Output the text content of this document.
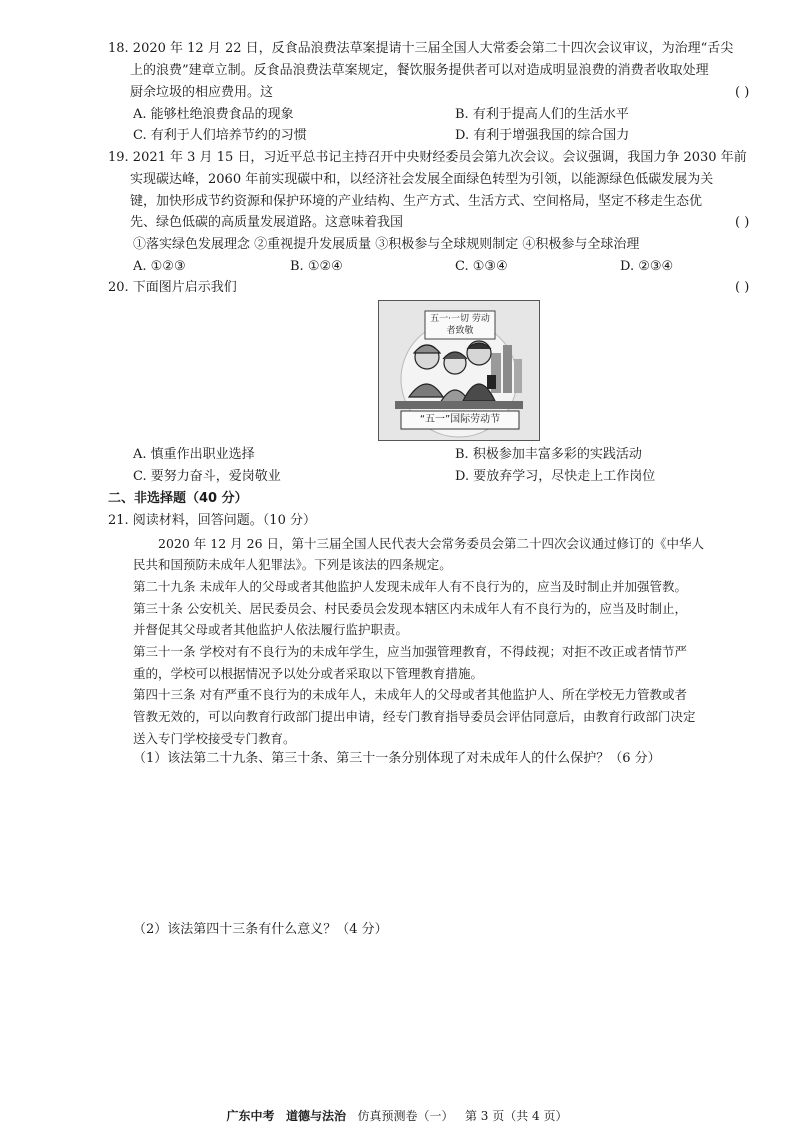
18. 2020 年 12 月 22 日，反食品浪费法草案提请十三届全国人大常委会第二十四次会议审议，为治理“舌尖
上的浪费”建章立制。反食品浪费法草案规定，餐饮服务提供者可以对造成明显浪费的消费者收取处理
厨余垃圾的相应费用。这	( )
A. 能够杜绝浪费食品的现象	B. 有利于提高人们的生活水平
C. 有利于人们培养节约的习惯	D. 有利于增强我国的综合国力
19. 2021 年 3 月 15 日，习近平总书记主持召开中央财经委员会第九次会议。会议强调，我国力争 2030 年前
实现碳达峰，2060 年前实现碳中和，以经济社会发展全面绿色转型为引领，以能源绿色低碳发展为关
键，加快形成节约资源和保护环境的产业结构、生产方式、生活方式、空间格局，坚定不移走生态优
先、绿色低碳的高质量发展道路。这意味着我国	( )
①落实绿色发展理念 ②重视提升发展质量 ③积极参与全球规则制定 ④积极参与全球治理
A. ①②③	B. ①②④	C. ①③④	D. ②③④
20. 下面图片启示我们	( )
五一·一切 劳动者致敬
“五一”国际劳动节
A. 慎重作出职业选择	B. 积极参加丰富多彩的实践活动
C. 要努力奋斗，爱岗敬业	D. 要放弃学习，尽快走上工作岗位
二、非选择题（40 分）
21. 阅读材料，回答问题。（10 分）
2020 年 12 月 26 日，第十三届全国人民代表大会常务委员会第二十四次会议通过修订的《中华人
民共和国预防未成年人犯罪法》。下列是该法的四条规定。
第二十九条 未成年人的父母或者其他监护人发现未成年人有不良行为的，应当及时制止并加强管教。
第三十条 公安机关、居民委员会、村民委员会发现本辖区内未成年人有不良行为的，应当及时制止，
并督促其父母或者其他监护人依法履行监护职责。
第三十一条 学校对有不良行为的未成年学生，应当加强管理教育，不得歧视；对拒不改正或者情节严
重的，学校可以根据情况予以处分或者采取以下管理教育措施。
第四十三条 对有严重不良行为的未成年人，未成年人的父母或者其他监护人、所在学校无力管教或者
管教无效的，可以向教育行政部门提出申请，经专门教育指导委员会评估同意后，由教育行政部门决定
送入专门学校接受专门教育。
（1）该法第二十九条、第三十条、第三十一条分别体现了对未成年人的什么保护？（6 分）
（2）该法第四十三条有什么意义？（4 分）
广东中考 道德与法治 仿真预测卷（一） 第 3 页（共 4 页）
